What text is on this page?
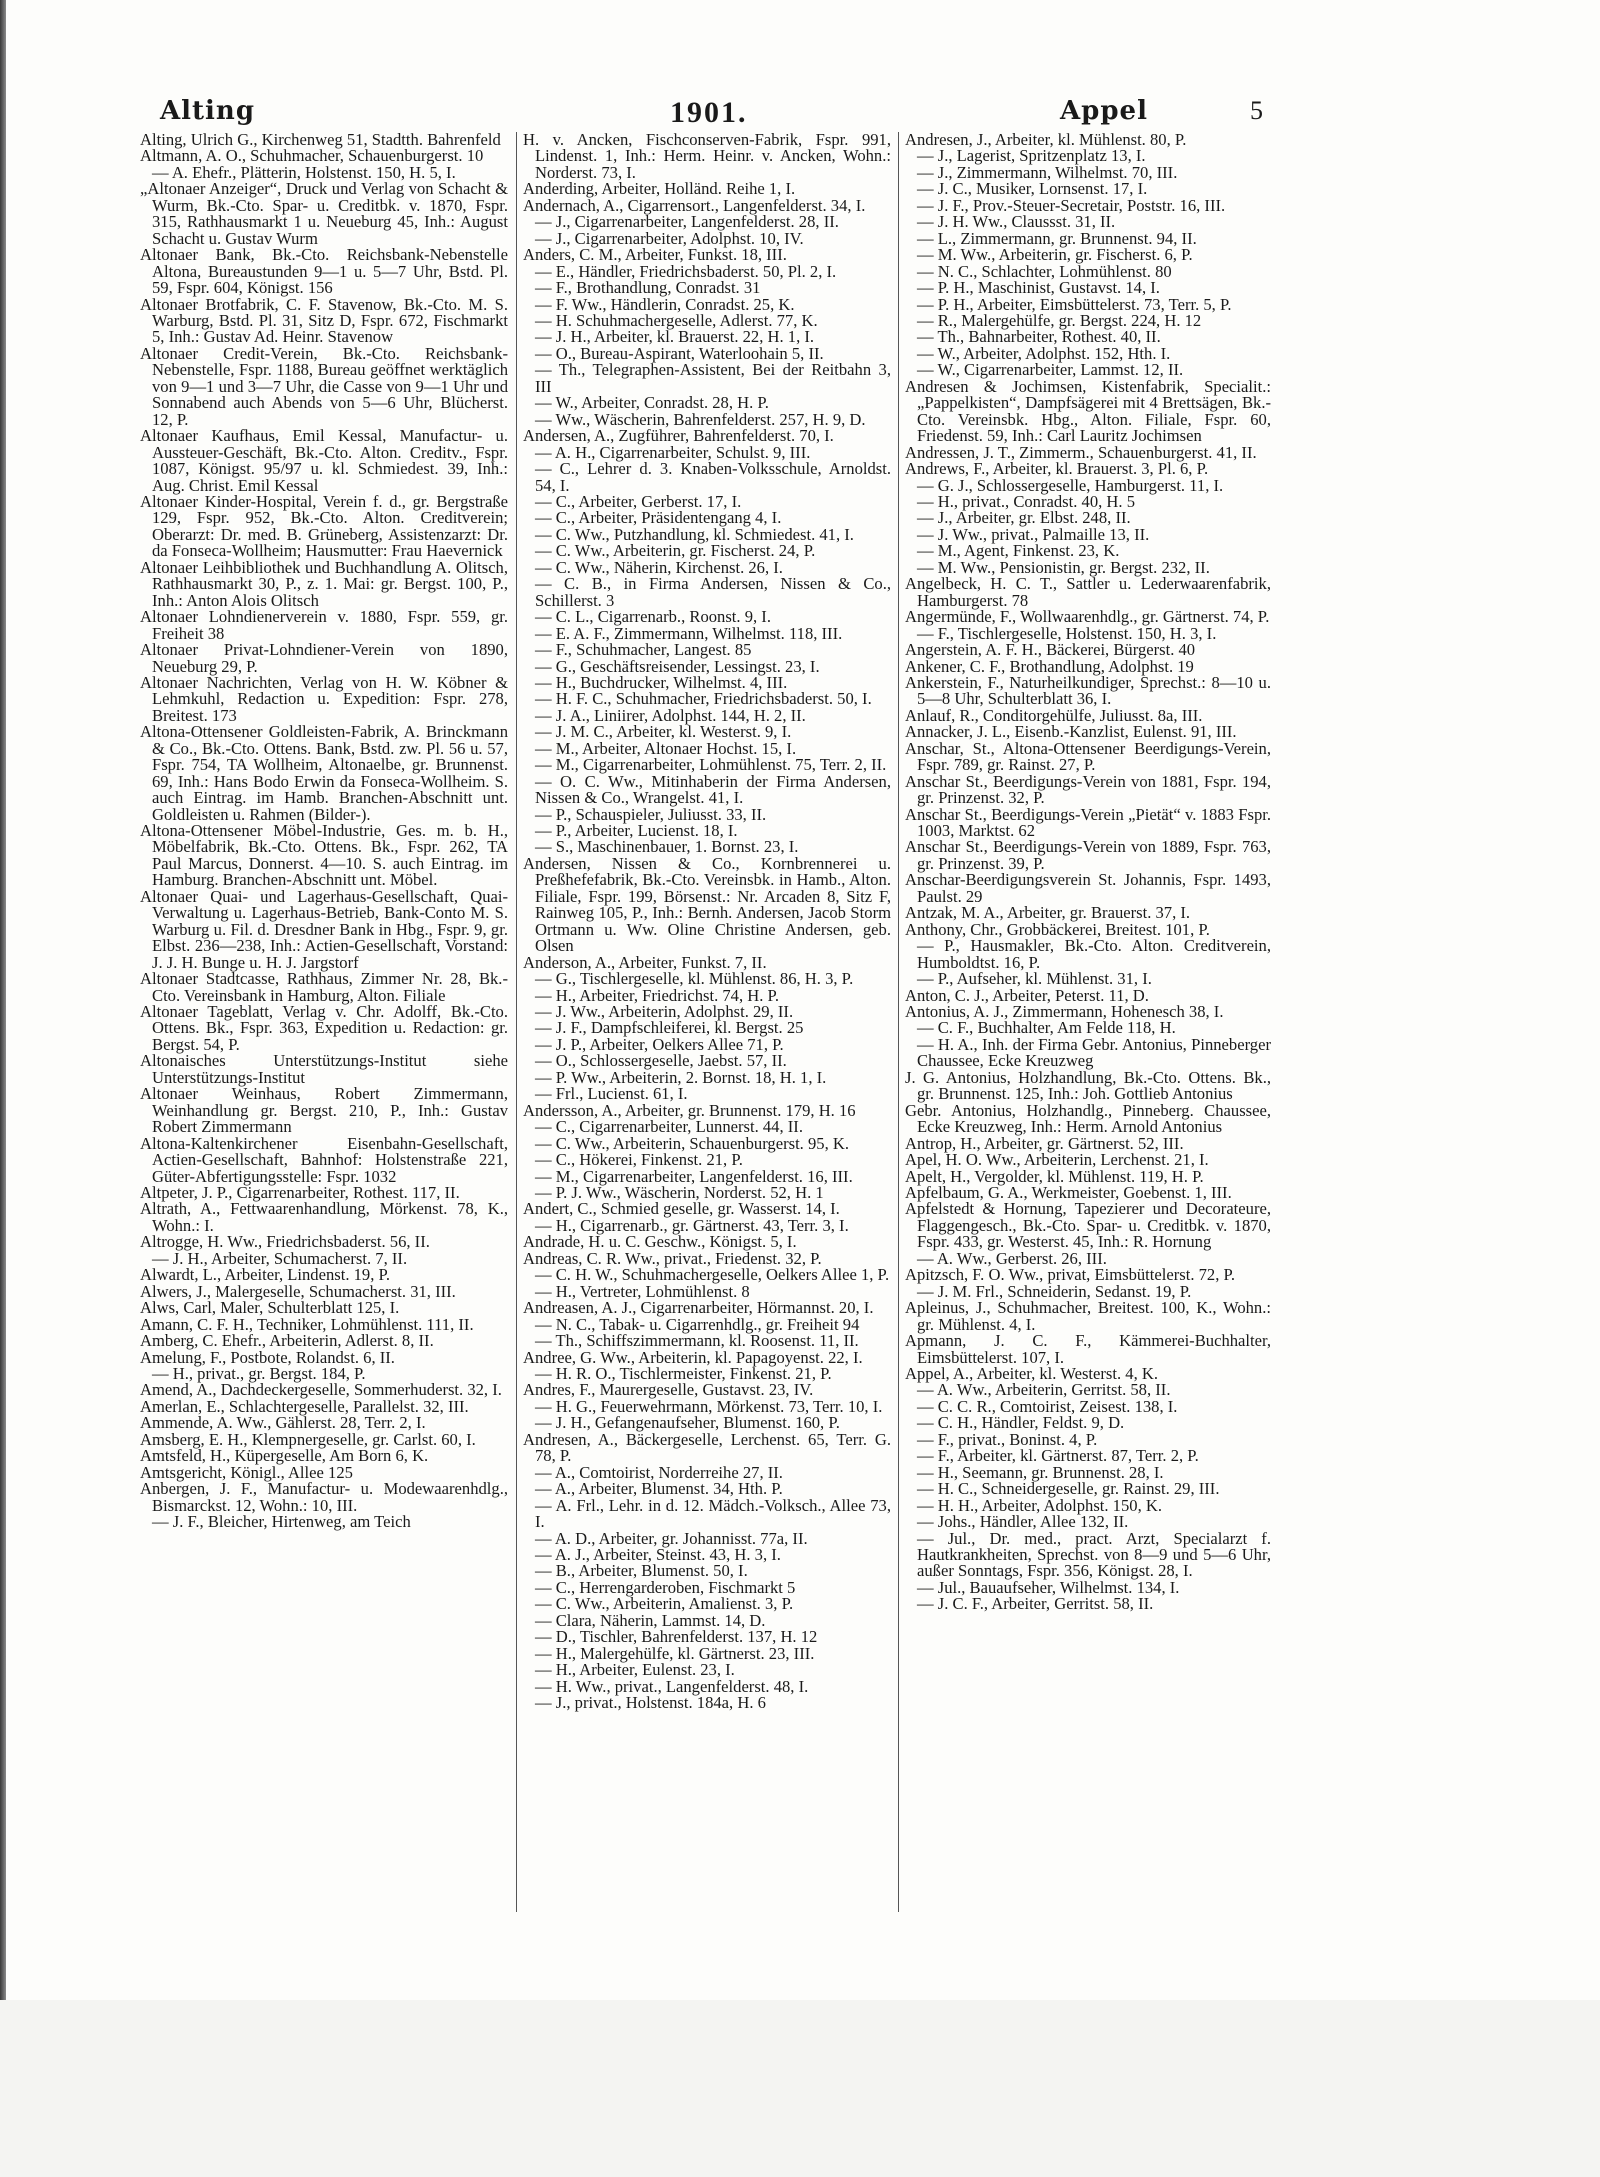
Alting	1901.	Appel	5
Alting, Ulrich G., Kirchenweg 51, Stadtth. Bahrenfeld
Altmann, A. O., Schuhmacher, Schauenburgerst. 10
— A. Ehefr., Plätterin, Holstenst. 150, H. 5, I.
„Altonaer Anzeiger“, Druck und Verlag von Schacht & Wurm, Bk.-Cto. Spar- u. Creditbk. v. 1870, Fspr. 315, Rathhausmarkt 1 u. Neueburg 45, Inh.: August Schacht u. Gustav Wurm
Altonaer Bank, Bk.-Cto. Reichsbank-Nebenstelle Altona, Bureaustunden 9—1 u. 5—7 Uhr, Bstd. Pl. 59, Fspr. 604, Königst. 156
Altonaer Brotfabrik, C. F. Stavenow, Bk.-Cto. M. S. Warburg, Bstd. Pl. 31, Sitz D, Fspr. 672, Fischmarkt 5, Inh.: Gustav Ad. Heinr. Stavenow
Altonaer Credit-Verein, Bk.-Cto. Reichsbank-Nebenstelle, Fspr. 1188, Bureau geöffnet werktäglich von 9—1 und 3—7 Uhr, die Casse von 9—1 Uhr und Sonnabend auch Abends von 5—6 Uhr, Blücherst. 12, P.
Altonaer Kaufhaus, Emil Kessal, Manufactur- u. Aussteuer-Geschäft, Bk.-Cto. Alton. Creditv., Fspr. 1087, Königst. 95/97 u. kl. Schmiedest. 39, Inh.: Aug. Christ. Emil Kessal
Altonaer Kinder-Hospital, Verein f. d., gr. Bergstraße 129, Fspr. 952, Bk.-Cto. Alton. Creditverein; Oberarzt: Dr. med. B. Grüneberg, Assistenzarzt: Dr. da Fonseca-Wollheim; Hausmutter: Frau Haevernick
Altonaer Leihbibliothek und Buchhandlung A. Olitsch, Rathhausmarkt 30, P., z. 1. Mai: gr. Bergst. 100, P., Inh.: Anton Alois Olitsch
Altonaer Lohndienerverein v. 1880, Fspr. 559, gr. Freiheit 38
Altonaer Privat-Lohndiener-Verein von 1890, Neueburg 29, P.
Altonaer Nachrichten, Verlag von H. W. Köbner & Lehmkuhl, Redaction u. Expedition: Fspr. 278, Breitest. 173
Altona-Ottensener Goldleisten-Fabrik, A. Brinckmann & Co., Bk.-Cto. Ottens. Bank, Bstd. zw. Pl. 56 u. 57, Fspr. 754, TA Wollheim, Altonaelbe, gr. Brunnenst. 69, Inh.: Hans Bodo Erwin da Fonseca-Wollheim. S. auch Eintrag. im Hamb. Branchen-Abschnitt unt. Goldleisten u. Rahmen (Bilder-).
Altona-Ottensener Möbel-Industrie, Ges. m. b. H., Möbelfabrik, Bk.-Cto. Ottens. Bk., Fspr. 262, TA Paul Marcus, Donnerst. 4—10. S. auch Eintrag. im Hamburg. Branchen-Abschnitt unt. Möbel.
Altonaer Quai- und Lagerhaus-Gesellschaft, Quai-Verwaltung u. Lagerhaus-Betrieb, Bank-Conto M. S. Warburg u. Fil. d. Dresdner Bank in Hbg., Fspr. 9, gr. Elbst. 236—238, Inh.: Actien-Gesellschaft, Vorstand: J. J. H. Bunge u. H. J. Jargstorf
Altonaer Stadtcasse, Rathhaus, Zimmer Nr. 28, Bk.-Cto. Vereinsbank in Hamburg, Alton. Filiale
Altonaer Tageblatt, Verlag v. Chr. Adolff, Bk.-Cto. Ottens. Bk., Fspr. 363, Expedition u. Redaction: gr. Bergst. 54, P.
Altonaisches Unterstützungs-Institut siehe Unterstützungs-Institut
Altonaer Weinhaus, Robert Zimmermann, Weinhandlung gr. Bergst. 210, P., Inh.: Gustav Robert Zimmermann
Altona-Kaltenkirchener Eisenbahn-Gesellschaft, Actien-Gesellschaft, Bahnhof: Holstenstraße 221, Güter-Abfertigungsstelle: Fspr. 1032
Altpeter, J. P., Cigarrenarbeiter, Rothest. 117, II.
Altrath, A., Fettwaarenhandlung, Mörkenst. 78, K., Wohn.: I.
Altrogge, H. Ww., Friedrichsbaderst. 56, II.
— J. H., Arbeiter, Schumacherst. 7, II.
Alwardt, L., Arbeiter, Lindenst. 19, P.
Alwers, J., Malergeselle, Schumacherst. 31, III.
Alws, Carl, Maler, Schulterblatt 125, I.
Amann, C. F. H., Techniker, Lohmühlenst. 111, II.
Amberg, C. Ehefr., Arbeiterin, Adlerst. 8, II.
Amelung, F., Postbote, Rolandst. 6, II.
— H., privat., gr. Bergst. 184, P.
Amend, A., Dachdeckergeselle, Sommerhuderst. 32, I.
Amerlan, E., Schlachtergeselle, Parallelst. 32, III.
Ammende, A. Ww., Gählerst. 28, Terr. 2, I.
Amsberg, E. H., Klempnergeselle, gr. Carlst. 60, I.
Amtsfeld, H., Küpergeselle, Am Born 6, K.
Amtsgericht, Königl., Allee 125
Anbergen, J. F., Manufactur- u. Modewaarenhdlg., Bismarckst. 12, Wohn.: 10, III.
— J. F., Bleicher, Hirtenweg, am Teich
H. v. Ancken, Fischconserven-Fabrik, Fspr. 991, Lindenst. 1, Inh.: Herm. Heinr. v. Ancken, Wohn.: Norderst. 73, I.
Anderding, Arbeiter, Holländ. Reihe 1, I.
Andernach, A., Cigarrensort., Langenfelderst. 34, I.
— J., Cigarrenarbeiter, Langenfelderst. 28, II.
— J., Cigarrenarbeiter, Adolphst. 10, IV.
Anders, C. M., Arbeiter, Funkst. 18, III.
— E., Händler, Friedrichsbaderst. 50, Pl. 2, I.
— F., Brothandlung, Conradst. 31
— F. Ww., Händlerin, Conradst. 25, K.
— H. Schuhmachergeselle, Adlerst. 77, K.
— J. H., Arbeiter, kl. Brauerst. 22, H. 1, I.
— O., Bureau-Aspirant, Waterloohain 5, II.
— Th., Telegraphen-Assistent, Bei der Reitbahn 3, III
— W., Arbeiter, Conradst. 28, H. P.
— Ww., Wäscherin, Bahrenfelderst. 257, H. 9, D.
Andersen, A., Zugführer, Bahrenfelderst. 70, I.
— A. H., Cigarrenarbeiter, Schulst. 9, III.
— C., Lehrer d. 3. Knaben-Volksschule, Arnoldst. 54, I.
— C., Arbeiter, Gerberst. 17, I.
— C., Arbeiter, Präsidentengang 4, I.
— C. Ww., Putzhandlung, kl. Schmiedest. 41, I.
— C. Ww., Arbeiterin, gr. Fischerst. 24, P.
— C. Ww., Näherin, Kirchenst. 26, I.
— C. B., in Firma Andersen, Nissen & Co., Schillerst. 3
— C. L., Cigarrenarb., Roonst. 9, I.
— E. A. F., Zimmermann, Wilhelmst. 118, III.
— F., Schuhmacher, Langest. 85
— G., Geschäftsreisender, Lessingst. 23, I.
— H., Buchdrucker, Wilhelmst. 4, III.
— H. F. C., Schuhmacher, Friedrichsbaderst. 50, I.
— J. A., Liniirer, Adolphst. 144, H. 2, II.
— J. M. C., Arbeiter, kl. Westerst. 9, I.
— M., Arbeiter, Altonaer Hochst. 15, I.
— M., Cigarrenarbeiter, Lohmühlenst. 75, Terr. 2, II.
— O. C. Ww., Mitinhaberin der Firma Andersen, Nissen & Co., Wrangelst. 41, I.
— P., Schauspieler, Juliusst. 33, II.
— P., Arbeiter, Lucienst. 18, I.
— S., Maschinenbauer, 1. Bornst. 23, I.
Andersen, Nissen & Co., Kornbrennerei u. Preßhefefabrik, Bk.-Cto. Vereinsbk. in Hamb., Alton. Filiale, Fspr. 199, Börsenst.: Nr. Arcaden 8, Sitz F, Rainweg 105, P., Inh.: Bernh. Andersen, Jacob Storm Ortmann u. Ww. Oline Christine Andersen, geb. Olsen
Anderson, A., Arbeiter, Funkst. 7, II.
— G., Tischlergeselle, kl. Mühlenst. 86, H. 3, P.
— H., Arbeiter, Friedrichst. 74, H. P.
— J. Ww., Arbeiterin, Adolphst. 29, II.
— J. F., Dampfschleiferei, kl. Bergst. 25
— J. P., Arbeiter, Oelkers Allee 71, P.
— O., Schlossergeselle, Jaebst. 57, II.
— P. Ww., Arbeiterin, 2. Bornst. 18, H. 1, I.
— Frl., Lucienst. 61, I.
Andersson, A., Arbeiter, gr. Brunnenst. 179, H. 16
— C., Cigarrenarbeiter, Lunnerst. 44, II.
— C. Ww., Arbeiterin, Schauenburgerst. 95, K.
— C., Hökerei, Finkenst. 21, P.
— M., Cigarrenarbeiter, Langenfelderst. 16, III.
— P. J. Ww., Wäscherin, Norderst. 52, H. 1
Andert, C., Schmied geselle, gr. Wasserst. 14, I.
— H., Cigarrenarb., gr. Gärtnerst. 43, Terr. 3, I.
Andrade, H. u. C. Geschw., Königst. 5, I.
Andreas, C. R. Ww., privat., Friedenst. 32, P.
— C. H. W., Schuhmachergeselle, Oelkers Allee 1, P.
— H., Vertreter, Lohmühlenst. 8
Andreasen, A. J., Cigarrenarbeiter, Hörmannst. 20, I.
— N. C., Tabak- u. Cigarrenhdlg., gr. Freiheit 94
— Th., Schiffszimmermann, kl. Roosenst. 11, II.
Andree, G. Ww., Arbeiterin, kl. Papagoyenst. 22, I.
— H. R. O., Tischlermeister, Finkenst. 21, P.
Andres, F., Maurergeselle, Gustavst. 23, IV.
— H. G., Feuerwehrmann, Mörkenst. 73, Terr. 10, I.
— J. H., Gefangenaufseher, Blumenst. 160, P.
Andresen, A., Bäckergeselle, Lerchenst. 65, Terr. G. 78, P.
— A., Comtoirist, Norderreihe 27, II.
— A., Arbeiter, Blumenst. 34, Hth. P.
— A. Frl., Lehr. in d. 12. Mädch.-Volksch., Allee 73, I.
— A. D., Arbeiter, gr. Johannisst. 77a, II.
— A. J., Arbeiter, Steinst. 43, H. 3, I.
— B., Arbeiter, Blumenst. 50, I.
— C., Herrengarderoben, Fischmarkt 5
— C. Ww., Arbeiterin, Amalienst. 3, P.
— Clara, Näherin, Lammst. 14, D.
— D., Tischler, Bahrenfelderst. 137, H. 12
— H., Malergehülfe, kl. Gärtnerst. 23, III.
— H., Arbeiter, Eulenst. 23, I.
— H. Ww., privat., Langenfelderst. 48, I.
— J., privat., Holstenst. 184a, H. 6
Andresen, J., Arbeiter, kl. Mühlenst. 80, P.
— J., Lagerist, Spritzenplatz 13, I.
— J., Zimmermann, Wilhelmst. 70, III.
— J. C., Musiker, Lornsenst. 17, I.
— J. F., Prov.-Steuer-Secretair, Poststr. 16, III.
— J. H. Ww., Claussst. 31, II.
— L., Zimmermann, gr. Brunnenst. 94, II.
— M. Ww., Arbeiterin, gr. Fischerst. 6, P.
— N. C., Schlachter, Lohmühlenst. 80
— P. H., Maschinist, Gustavst. 14, I.
— P. H., Arbeiter, Eimsbüttelerst. 73, Terr. 5, P.
— R., Malergehülfe, gr. Bergst. 224, H. 12
— Th., Bahnarbeiter, Rothest. 40, II.
— W., Arbeiter, Adolphst. 152, Hth. I.
— W., Cigarrenarbeiter, Lammst. 12, II.
Andresen & Jochimsen, Kistenfabrik, Specialit.: „Pappelkisten“, Dampfsägerei mit 4 Brettsägen, Bk.-Cto. Vereinsbk. Hbg., Alton. Filiale, Fspr. 60, Friedenst. 59, Inh.: Carl Lauritz Jochimsen
Andressen, J. T., Zimmerm., Schauenburgerst. 41, II.
Andrews, F., Arbeiter, kl. Brauerst. 3, Pl. 6, P.
— G. J., Schlossergeselle, Hamburgerst. 11, I.
— H., privat., Conradst. 40, H. 5
— J., Arbeiter, gr. Elbst. 248, II.
— J. Ww., privat., Palmaille 13, II.
— M., Agent, Finkenst. 23, K.
— M. Ww., Pensionistin, gr. Bergst. 232, II.
Angelbeck, H. C. T., Sattler u. Lederwaarenfabrik, Hamburgerst. 78
Angermünde, F., Wollwaarenhdlg., gr. Gärtnerst. 74, P.
— F., Tischlergeselle, Holstenst. 150, H. 3, I.
Angerstein, A. F. H., Bäckerei, Bürgerst. 40
Ankener, C. F., Brothandlung, Adolphst. 19
Ankerstein, F., Naturheilkundiger, Sprechst.: 8—10 u. 5—8 Uhr, Schulterblatt 36, I.
Anlauf, R., Conditorgehülfe, Juliusst. 8a, III.
Annacker, J. L., Eisenb.-Kanzlist, Eulenst. 91, III.
Anschar, St., Altona-Ottensener Beerdigungs-Verein, Fspr. 789, gr. Rainst. 27, P.
Anschar St., Beerdigungs-Verein von 1881, Fspr. 194, gr. Prinzenst. 32, P.
Anschar St., Beerdigungs-Verein „Pietät“ v. 1883 Fspr. 1003, Marktst. 62
Anschar St., Beerdigungs-Verein von 1889, Fspr. 763, gr. Prinzenst. 39, P.
Anschar-Beerdigungsverein St. Johannis, Fspr. 1493, Paulst. 29
Antzak, M. A., Arbeiter, gr. Brauerst. 37, I.
Anthony, Chr., Grobbäckerei, Breitest. 101, P.
— P., Hausmakler, Bk.-Cto. Alton. Creditverein, Humboldtst. 16, P.
— P., Aufseher, kl. Mühlenst. 31, I.
Anton, C. J., Arbeiter, Peterst. 11, D.
Antonius, A. J., Zimmermann, Hohenesch 38, I.
— C. F., Buchhalter, Am Felde 118, H.
— H. A., Inh. der Firma Gebr. Antonius, Pinneberger Chaussee, Ecke Kreuzweg
J. G. Antonius, Holzhandlung, Bk.-Cto. Ottens. Bk., gr. Brunnenst. 125, Inh.: Joh. Gottlieb Antonius
Gebr. Antonius, Holzhandlg., Pinneberg. Chaussee, Ecke Kreuzweg, Inh.: Herm. Arnold Antonius
Antrop, H., Arbeiter, gr. Gärtnerst. 52, III.
Apel, H. O. Ww., Arbeiterin, Lerchenst. 21, I.
Apelt, H., Vergolder, kl. Mühlenst. 119, H. P.
Apfelbaum, G. A., Werkmeister, Goebenst. 1, III.
Apfelstedt & Hornung, Tapezierer und Decorateure, Flaggengesch., Bk.-Cto. Spar- u. Creditbk. v. 1870, Fspr. 433, gr. Westerst. 45, Inh.: R. Hornung
— A. Ww., Gerberst. 26, III.
Apitzsch, F. O. Ww., privat, Eimsbüttelerst. 72, P.
— J. M. Frl., Schneiderin, Sedanst. 19, P.
Apleinus, J., Schuhmacher, Breitest. 100, K., Wohn.: gr. Mühlenst. 4, I.
Apmann, J. C. F., Kämmerei-Buchhalter, Eimsbüttelerst. 107, I.
Appel, A., Arbeiter, kl. Westerst. 4, K.
— A. Ww., Arbeiterin, Gerritst. 58, II.
— C. C. R., Comtoirist, Zeisest. 138, I.
— C. H., Händler, Feldst. 9, D.
— F., privat., Boninst. 4, P.
— F., Arbeiter, kl. Gärtnerst. 87, Terr. 2, P.
— H., Seemann, gr. Brunnenst. 28, I.
— H. C., Schneidergeselle, gr. Rainst. 29, III.
— H. H., Arbeiter, Adolphst. 150, K.
— Johs., Händler, Allee 132, II.
— Jul., Dr. med., pract. Arzt, Specialarzt f. Hautkrankheiten, Sprechst. von 8—9 und 5—6 Uhr, außer Sonntags, Fspr. 356, Königst. 28, I.
— Jul., Bauaufseher, Wilhelmst. 134, I.
— J. C. F., Arbeiter, Gerritst. 58, II.
